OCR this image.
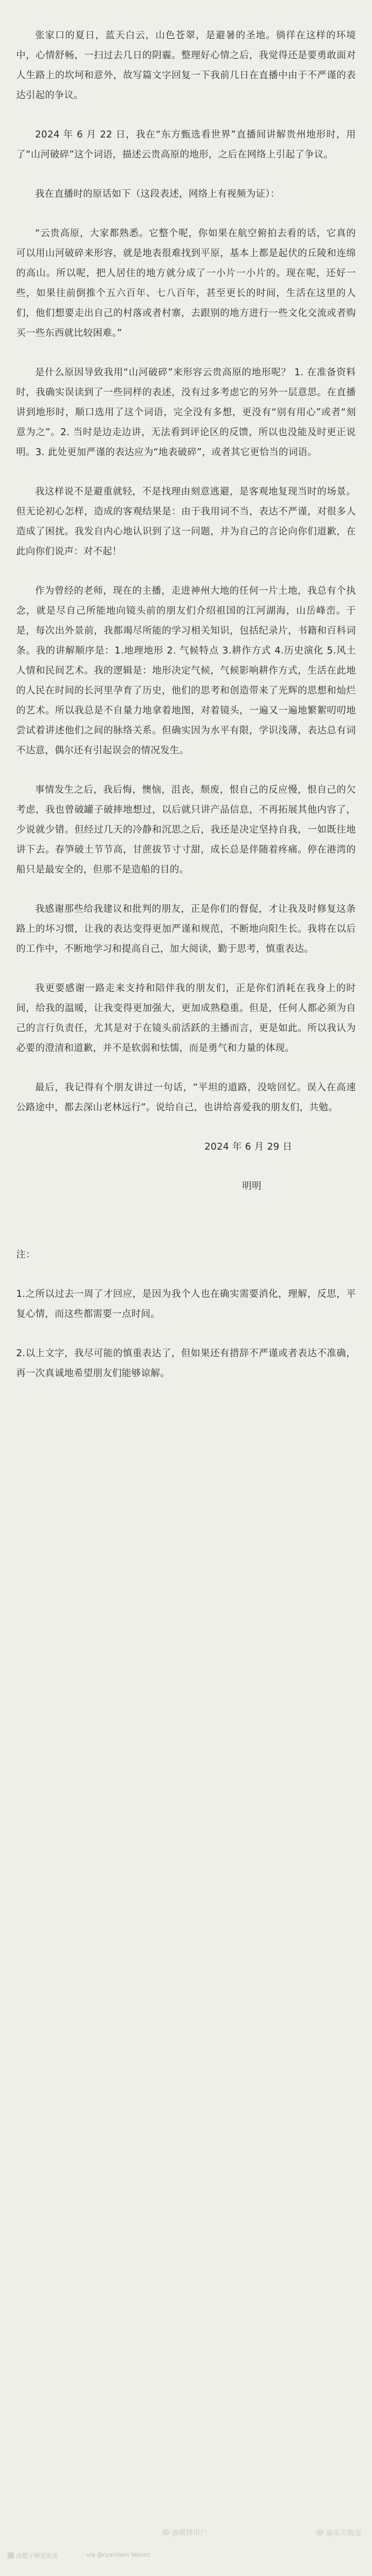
张家口的夏日，蓝天白云，山色苍翠，是避暑的圣地。徜徉在这样的环境中，心情舒畅，一扫过去几日的阴霾。整理好心情之后，我觉得还是要勇敢面对人生路上的坎坷和意外，故写篇文字回复一下我前几日在直播中由于不严谨的表达引起的争议。

2024 年 6 月 22 日，我在“东方甄选看世界”直播间讲解贵州地形时，用了“山河破碎”这个词语，描述云贵高原的地形，之后在网络上引起了争议。

我在直播时的原话如下（这段表述，网络上有视频为证）：

“云贵高原，大家都熟悉。它整个呢，你如果在航空俯拍去看的话，它真的可以用山河破碎来形容，就是地表很难找到平原，基本上都是起伏的丘陵和连绵的高山。所以呢，把人居住的地方就分成了一小片一小片的。现在呢，还好一些，如果往前倒推个五六百年、七八百年，甚至更长的时间，生活在这里的人们，他们想要走出自己的村落或者村寨，去跟别的地方进行一些文化交流或者购买一些东西就比较困难。”

是什么原因导致我用“山河破碎”来形容云贵高原的地形呢？ 1. 在准备资料时，我确实误读到了一些同样的表述，没有过多考虑它的另外一层意思。在直播讲到地形时，顺口选用了这个词语，完全没有多想，更没有“别有用心”或者“刻意为之”。2. 当时是边走边讲，无法看到评论区的反馈，所以也没能及时更正说明。3. 此处更加严谨的表达应为“地表破碎”，或者其它更恰当的词语。

我这样说不是避重就轻，不是找理由刻意逃避，是客观地复现当时的场景。但无论初心怎样，造成的客观结果是：由于我用词不当，表达不严谨，对很多人造成了困扰。我发自内心地认识到了这一问题，并为自己的言论向你们道歉，在此向你们说声：对不起！

作为曾经的老师，现在的主播，走进神州大地的任何一片土地，我总有个执念，就是尽自己所能地向镜头前的朋友们介绍祖国的江河湖海，山岳峰峦。于是，每次出外景前，我都竭尽所能的学习相关知识，包括纪录片，书籍和百科词条。我的讲解顺序是：1.地理地形 2. 气候特点 3.耕作方式 4.历史演化 5.风土人情和民间艺术。我的逻辑是：地形决定气候，气候影响耕作方式，生活在此地的人民在时间的长河里孕育了历史，他们的思考和创造带来了光辉的思想和灿烂的艺术。所以我总是不自量力地拿着地图，对着镜头，一遍又一遍地繁絮叨叨地尝试着讲述他们之间的脉络关系。但确实因为水平有限，学识浅薄，表达总有词不达意，偶尔还有引起误会的情况发生。

事情发生之后，我后悔，懊恼，沮丧，颓废，恨自己的反应慢，恨自己的欠考虑，我也曾破罐子破摔地想过，以后就只讲产品信息，不再拓展其他内容了，少说就少错。但经过几天的冷静和沉思之后，我还是决定坚持自我，一如既往地讲下去。春笋破土节节高，甘蔗拔节寸寸甜，成长总是伴随着疼痛。停在港湾的船只是最安全的，但那不是造船的目的。

我感谢那些给我建议和批判的朋友，正是你们的督促，才让我及时修复这条路上的坏习惯，让我的表达变得更加严谨和规范，不断地向阳生长。我将在以后的工作中，不断地学习和提高自己，加大阅读，勤于思考，慎重表达。

我更要感谢一路走来支持和陪伴我的朋友们，正是你们消耗在我身上的时间，给我的温暖，让我变得更加强大，更加成熟稳重。但是，任何人都必须为自己的言行负责任，尤其是对于在镜头前活跃的主播而言，更是如此。所以我认为必要的澄清和道歉，并不是软弱和怯懦，而是勇气和力量的体现。

最后，我记得有个朋友讲过一句话，“平坦的道路，没啥回忆。误入在高速公路途中，都去深山老林远行”。说给自己，也讲给喜爱我的朋友们，共勉。

2024 年 6 月 29 日
明明

注：

1.之所以过去一周了才回应，是因为我个人也在确实需要消化，理解，反思，平复心情，而这些都需要一点时间。

2.以上文字，我尽可能的慎重表达了，但如果还有措辞不严谨或者表达不准确，再一次真诚地希望朋友们能够谅解。

@微博用户	@东方甄选
由橙子视觉发送	via @ruanlaon Voices
